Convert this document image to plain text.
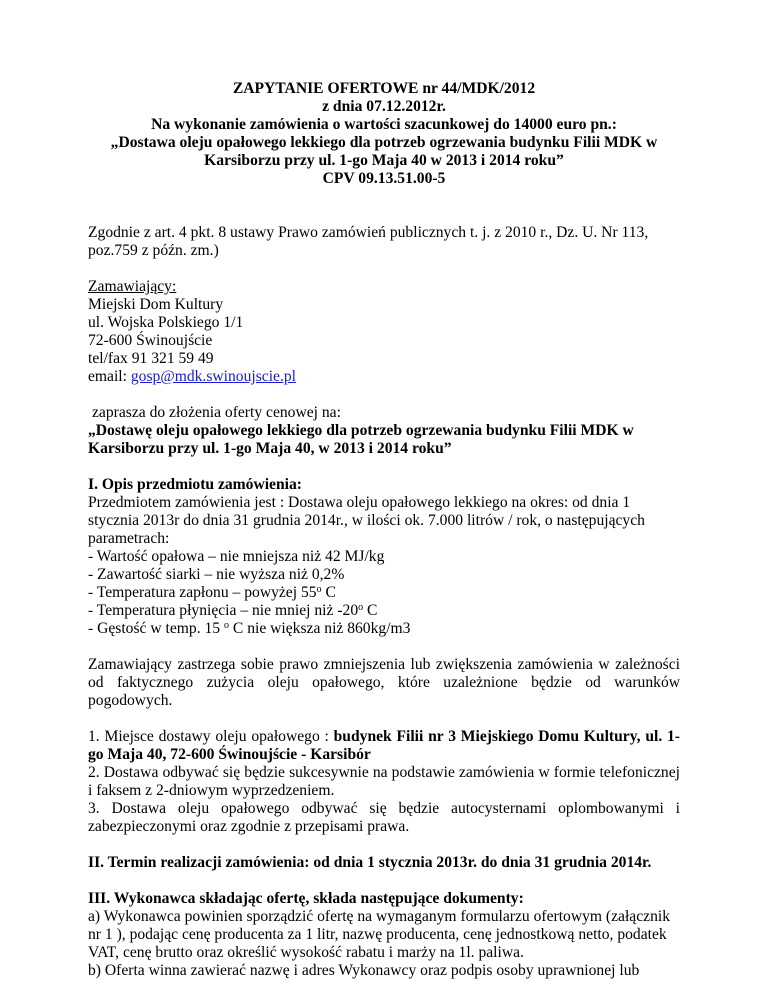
ZAPYTANIE OFERTOWE nr 44/MDK/2012
z dnia 07.12.2012r.
Na wykonanie zamówienia o wartości szacunkowej do 14000 euro pn.:
„Dostawa oleju opałowego lekkiego dla potrzeb ogrzewania budynku Filii MDK w
Karsiborzu przy ul. 1-go Maja 40 w 2013 i 2014 roku”
CPV 09.13.51.00-5

Zgodnie z art. 4 pkt. 8 ustawy Prawo zamówień publicznych t. j. z 2010 r., Dz. U. Nr 113,

poz.759 z późn. zm.)

Zamawiający:

Miejski Dom Kultury

ul. Wojska Polskiego 1/1

72-600 Świnoujście

tel/fax 91 321 59 49

email: gosp@mdk.swinoujscie.pl

zaprasza do złożenia oferty cenowej na:

„Dostawę oleju opałowego lekkiego dla potrzeb ogrzewania budynku Filii MDK w

Karsiborzu przy ul. 1-go Maja 40, w 2013 i 2014 roku”

I. Opis przedmiotu zamówienia:

Przedmiotem zamówienia jest : Dostawa oleju opałowego lekkiego na okres: od dnia 1

stycznia 2013r do dnia 31 grudnia 2014r., w ilości ok. 7.000 litrów / rok, o następujących

parametrach:

- Wartość opałowa – nie mniejsza niż 42 MJ/kg

- Zawartość siarki – nie wyższa niż 0,2%

- Temperatura zapłonu – powyżej 55$^o$ C

- Temperatura płynięcia – nie mniej niż -20$^o$ C

- Gęstość w temp. 15 $^o$ C nie większa niż 860kg/m3

Zamawiający zastrzega sobie prawo zmniejszenia lub zwiększenia zamówienia w zależności od faktycznego zużycia oleju opałowego, które uzależnione będzie od warunków pogodowych.

1. Miejsce dostawy oleju opałowego : budynek Filii nr 3 Miejskiego Domu Kultury, ul. 1-go Maja 40, 72-600 Świnoujście - Karsibór

2. Dostawa odbywać się będzie sukcesywnie na podstawie zamówienia w formie telefonicznej i faksem z 2-dniowym wyprzedzeniem.

3. Dostawa oleju opałowego odbywać się będzie autocysternami oplombowanymi i zabezpieczonymi oraz zgodnie z przepisami prawa.

II. Termin realizacji zamówienia: od dnia 1 stycznia 2013r. do dnia 31 grudnia 2014r.

III. Wykonawca składając ofertę, składa następujące dokumenty:

a) Wykonawca powinien sporządzić ofertę na wymaganym formularzu ofertowym (załącznik

nr 1 ), podając cenę producenta za 1 litr, nazwę producenta, cenę jednostkową netto, podatek

VAT, cenę brutto oraz określić wysokość rabatu i marży na 1l. paliwa.

b) Oferta winna zawierać nazwę i adres Wykonawcy oraz podpis osoby uprawnionej lub
